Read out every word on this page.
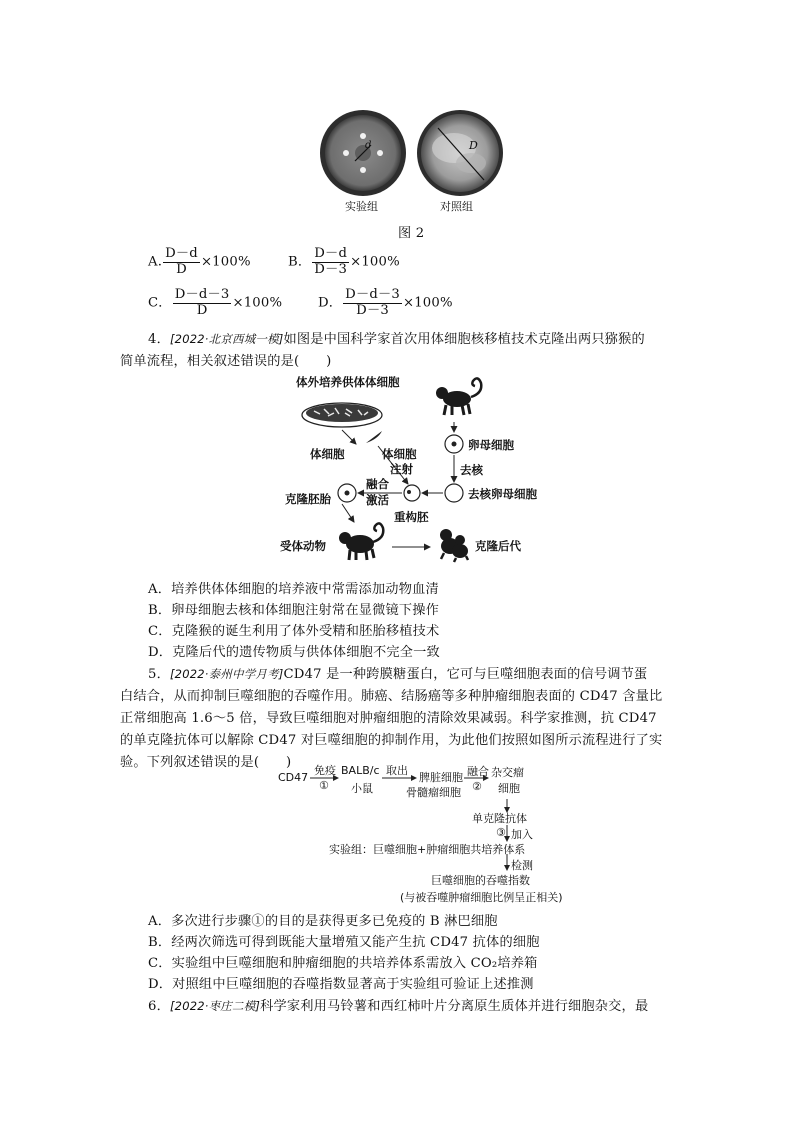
d	D
实验组	对照组
图 2
A. $\frac{D-d}{D} \times 100\%$	B． $\frac{D-d}{D-3} \times 100\%$
C． $\frac{D-d-3}{D} \times 100\%$	D． $\frac{D-d-3}{D-3} \times 100\%$
4．[2022·北京西城一模]如图是中国科学家首次用体细胞核移植技术克隆出两只猕猴的
简单流程，相关叙述错误的是(　　)
体外培养供体体细胞
体细胞	体细胞
注射
卵母细胞
去核
去核卵母细胞
融合
激活
克隆胚胎
重构胚
受体动物	克隆后代
A．培养供体体细胞的培养液中常需添加动物血清
B．卵母细胞去核和体细胞注射常在显微镜下操作
C．克隆猴的诞生利用了体外受精和胚胎移植技术
D．克隆后代的遗传物质与供体体细胞不完全一致
5．[2022·泰州中学月考]CD47 是一种跨膜糖蛋白，它可与巨噬细胞表面的信号调节蛋
白结合，从而抑制巨噬细胞的吞噬作用。肺癌、结肠癌等多种肿瘤细胞表面的 CD47 含量比
正常细胞高 1.6～5 倍，导致巨噬细胞对肿瘤细胞的清除效果减弱。科学家推测，抗 CD47
的单克隆抗体可以解除 CD47 对巨噬细胞的抑制作用，为此他们按照如图所示流程进行了实
验。下列叙述错误的是(　　)
CD47
免疫
①
BALB/c
小鼠
取出
脾脏细胞
骨髓瘤细胞
融合
②
杂交瘤
细胞
单克隆抗体
③ 加入
实验组：巨噬细胞+肿瘤细胞共培养体系
检测
巨噬细胞的吞噬指数
(与被吞噬肿瘤细胞比例呈正相关)
A．多次进行步骤①的目的是获得更多已免疫的 B 淋巴细胞
B．经两次筛选可得到既能大量增殖又能产生抗 CD47 抗体的细胞
C．实验组中巨噬细胞和肿瘤细胞的共培养体系需放入 CO₂培养箱
D．对照组中巨噬细胞的吞噬指数显著高于实验组可验证上述推测
6．[2022·枣庄二模]科学家利用马铃薯和西红柿叶片分离原生质体并进行细胞杂交，最
